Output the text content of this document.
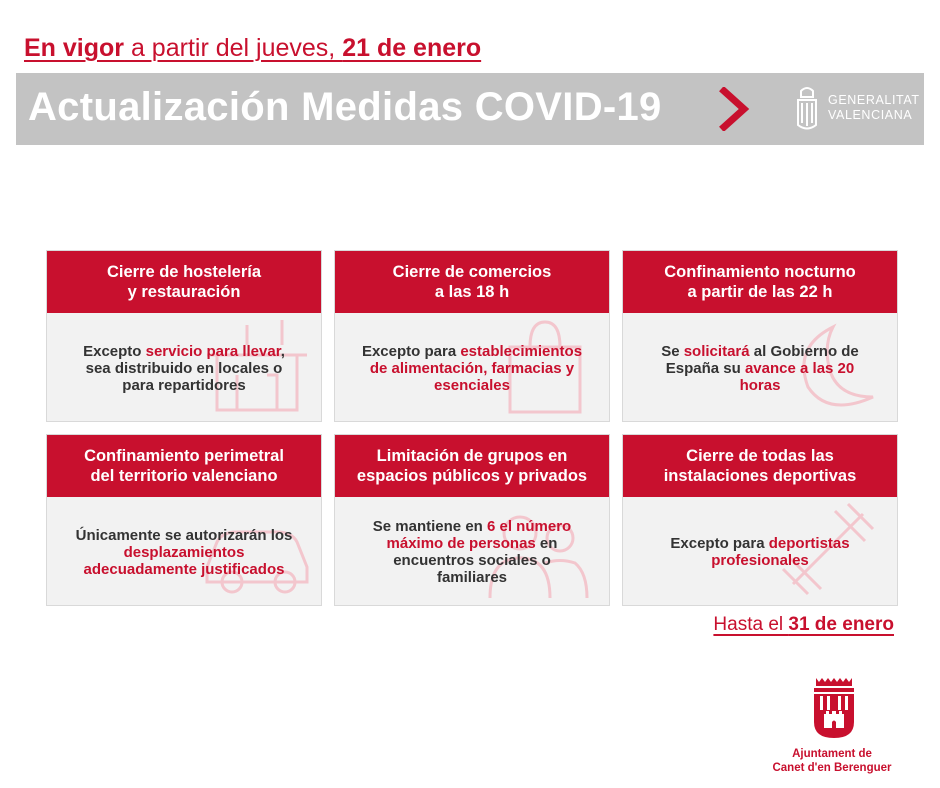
En vigor a partir del jueves, 21 de enero
Actualización Medidas COVID-19	GENERALITAT
VALENCIANA
Cierre de hostelería
y restauración
Excepto servicio para llevar, sea distribuido en locales o para repartidores
Cierre de comercios
a las 18 h
Excepto para establecimientos de alimentación, farmacias y esenciales
Confinamiento nocturno
a partir de las 22 h
Se solicitará al Gobierno de España su avance a las 20 horas
Confinamiento perimetral
del territorio valenciano
Únicamente se autorizarán los desplazamientos adecuadamente justificados
Limitación de grupos en
espacios públicos y privados
Se mantiene en 6 el número máximo de personas en encuentros sociales o familiares
Cierre de todas las
instalaciones deportivas
Excepto para deportistas profesionales
Hasta el 31 de enero
Ajuntament de
Canet d'en Berenguer
